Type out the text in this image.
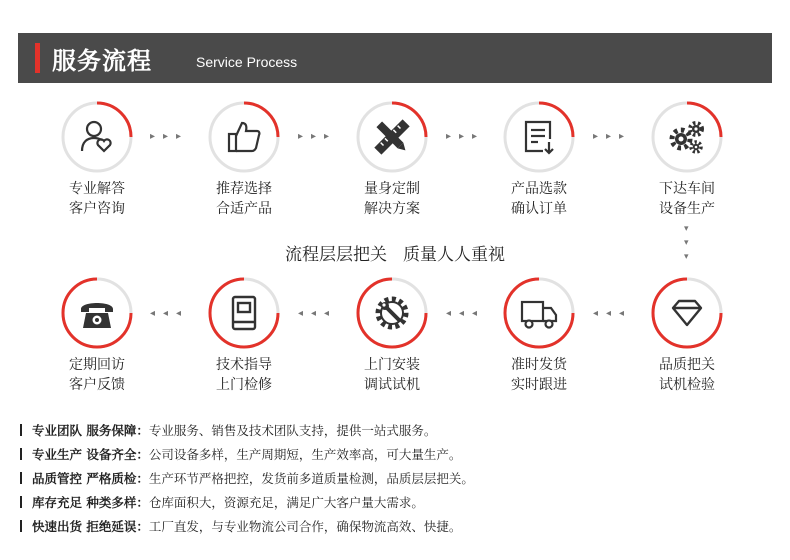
服务流程	Service Process
专业解答
客户咨询
▸▸▸
推荐选择
合适产品
▸▸▸
量身定制
解决方案
▸▸▸
产品选款
确认订单
▸▸▸
下达车间
设备生产
▾
▾
▾
流程层层把关 质量人人重视
定期回访
客户反馈
◂◂◂
技术指导
上门检修
◂◂◂
上门安装
调试试机
◂◂◂
准时发货
实时跟进
◂◂◂
品质把关
试机检验
专业团队 服务保障：专业服务、销售及技术团队支持，提供一站式服务。
专业生产 设备齐全：公司设备多样，生产周期短，生产效率高，可大量生产。
品质管控 严格质检：生产环节严格把控，发货前多道质量检测，品质层层把关。
库存充足 种类多样：仓库面积大，资源充足，满足广大客户量大需求。
快速出货 拒绝延误：工厂直发，与专业物流公司合作，确保物流高效、快捷。
